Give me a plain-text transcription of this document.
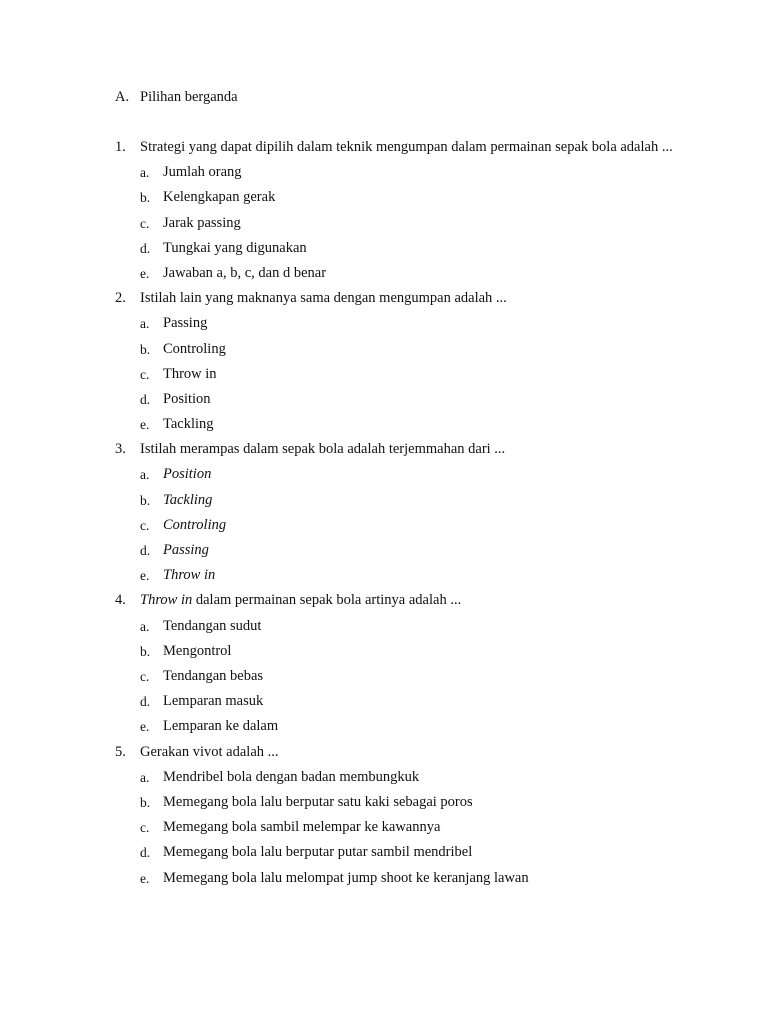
A. Pilihan berganda
1. Strategi yang dapat dipilih dalam teknik mengumpan dalam permainan sepak bola adalah ...
a. Jumlah orang
b. Kelengkapan gerak
c. Jarak passing
d. Tungkai yang digunakan
e. Jawaban a, b, c, dan d benar
2. Istilah lain yang maknanya sama dengan mengumpan adalah ...
a. Passing
b. Controling
c. Throw in
d. Position
e. Tackling
3. Istilah merampas dalam sepak bola adalah terjemmahan dari ...
a. Position
b. Tackling
c. Controling
d. Passing
e. Throw in
4. Throw in dalam permainan sepak bola artinya adalah ...
a. Tendangan sudut
b. Mengontrol
c. Tendangan bebas
d. Lemparan masuk
e. Lemparan ke dalam
5. Gerakan vivot adalah ...
a. Mendribel bola dengan badan membungkuk
b. Memegang bola lalu berputar satu kaki sebagai poros
c. Memegang bola sambil melempar ke kawannya
d. Memegang bola lalu berputar putar sambil mendribel
e. Memegang bola lalu melompat jump shoot ke keranjang lawan
